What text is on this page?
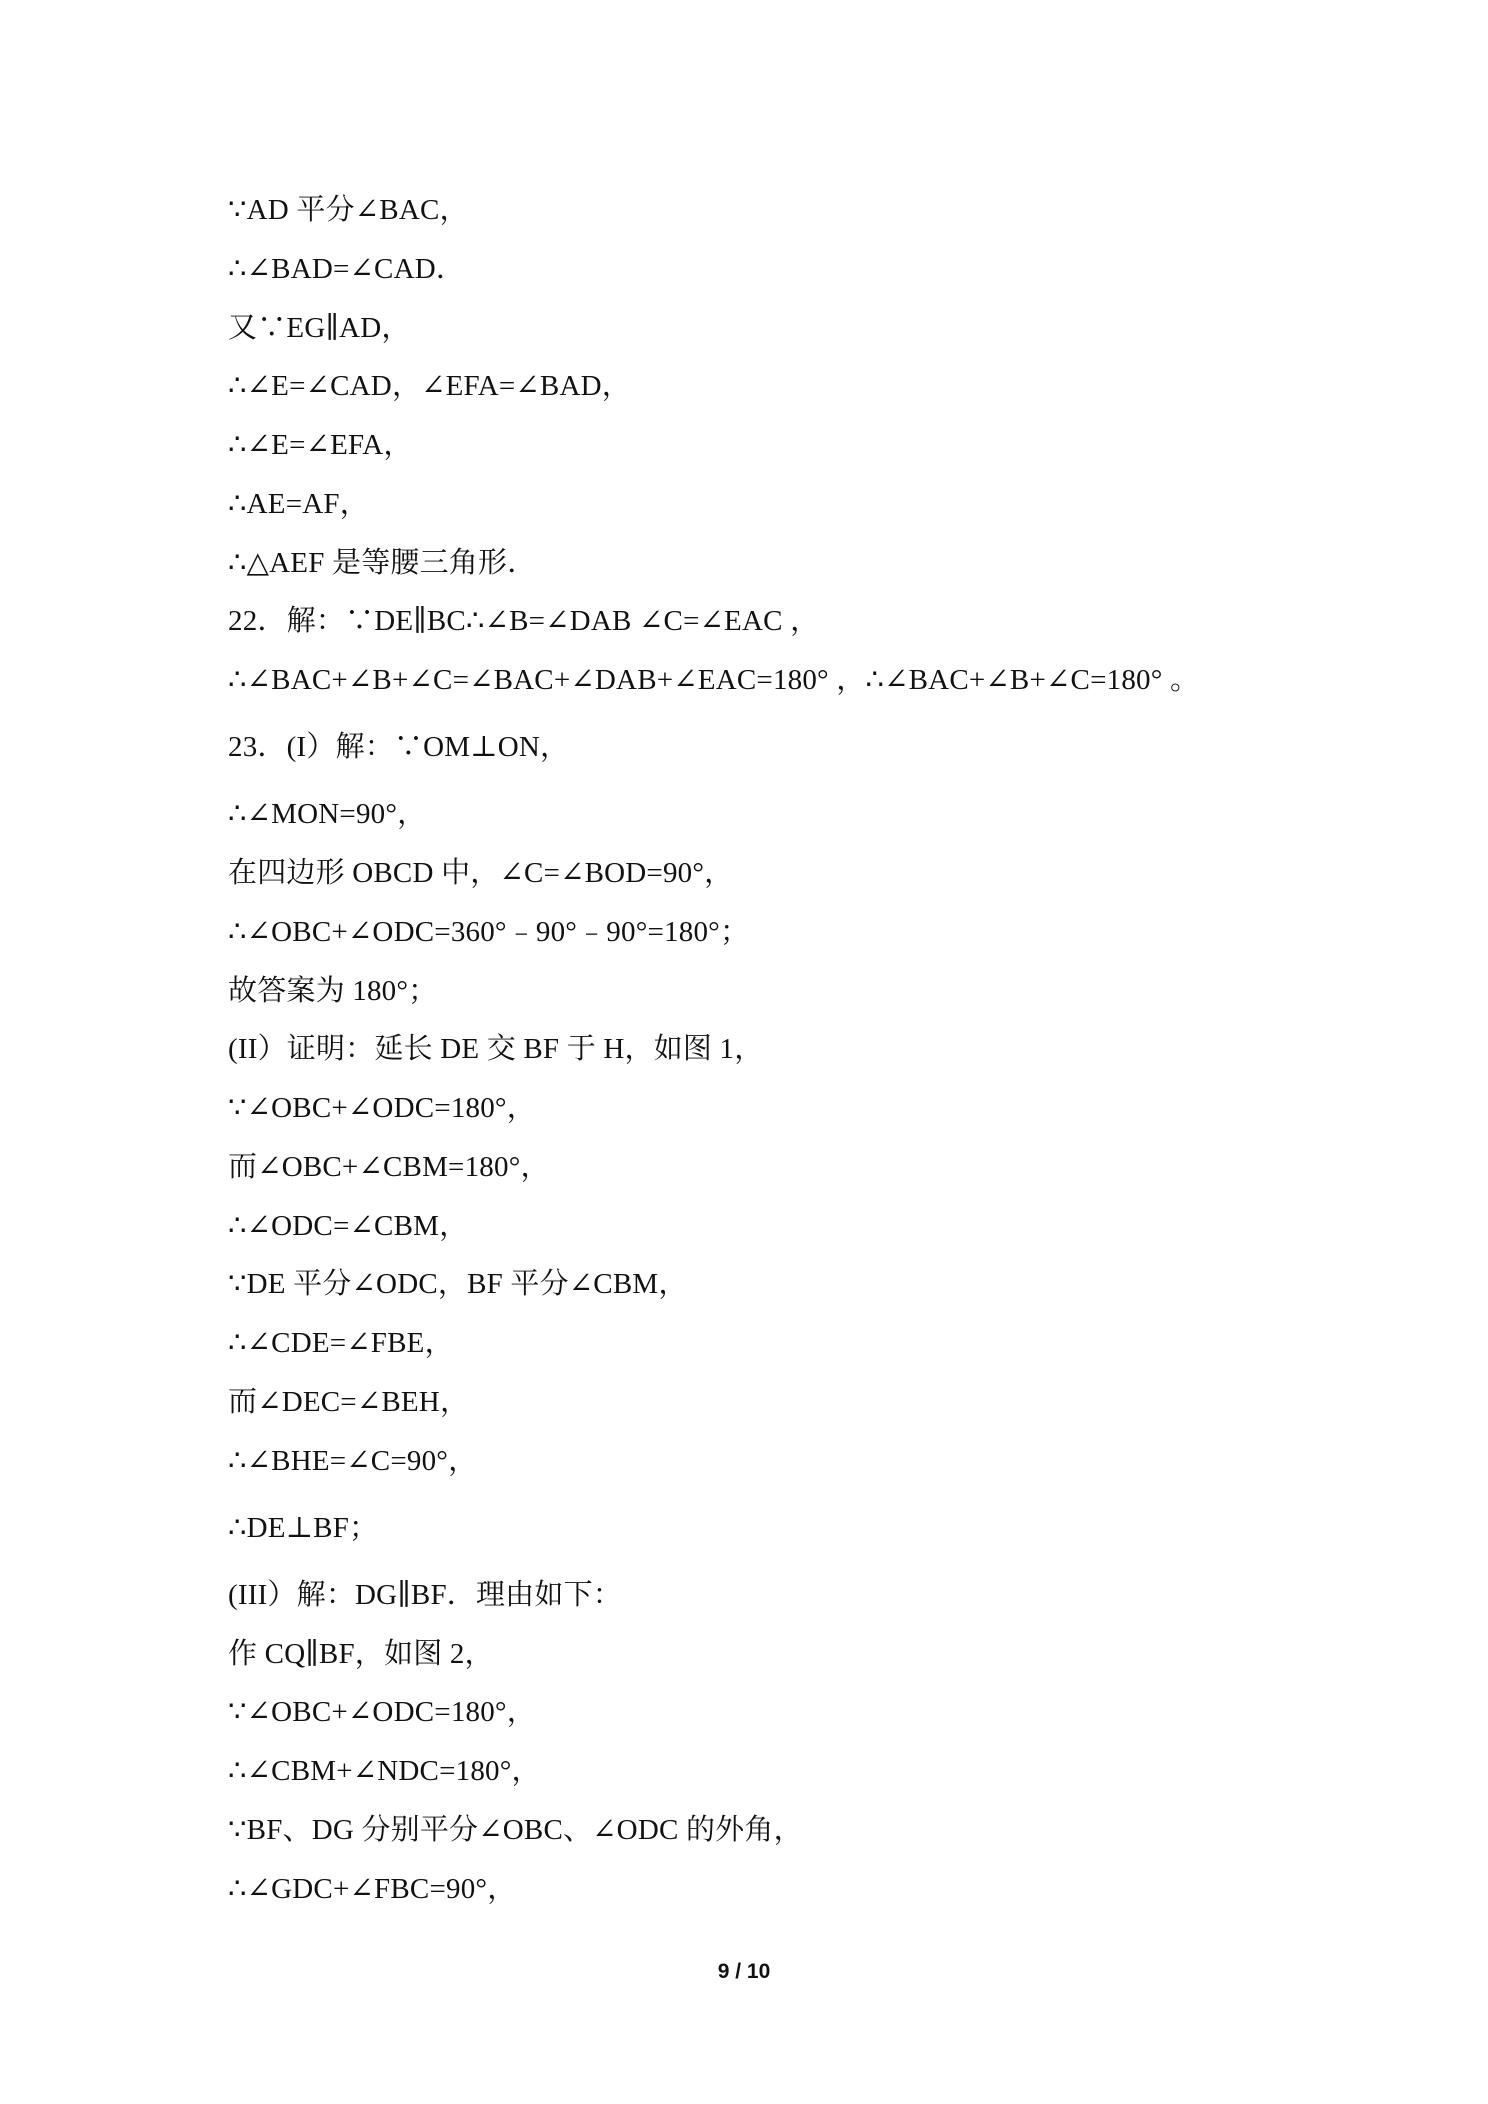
∵AD 平分∠BAC，
∴∠BAD=∠CAD．
又∵EG∥AD，
∴∠E=∠CAD，∠EFA=∠BAD，
∴∠E=∠EFA，
∴AE=AF，
∴△AEF 是等腰三角形．
22．解：∵DE∥BC∴∠B=∠DAB ∠C=∠EAC ，
∴∠BAC+∠B+∠C=∠BAC+∠DAB+∠EAC=180° ，∴∠BAC+∠B+∠C=180° 。
23．(I）解：∵OM⊥ON，
∴∠MON=90°，
在四边形 OBCD 中，∠C=∠BOD=90°，
∴∠OBC+∠ODC=360°﹣90°﹣90°=180°；
故答案为 180°；
(II）证明：延长 DE 交 BF 于 H，如图 1，
∵∠OBC+∠ODC=180°，
而∠OBC+∠CBM=180°，
∴∠ODC=∠CBM，
∵DE 平分∠ODC，BF 平分∠CBM，
∴∠CDE=∠FBE，
而∠DEC=∠BEH，
∴∠BHE=∠C=90°，
∴DE⊥BF；
(III）解：DG∥BF．理由如下：
作 CQ∥BF，如图 2，
∵∠OBC+∠ODC=180°，
∴∠CBM+∠NDC=180°，
∵BF、DG 分别平分∠OBC、∠ODC 的外角，
∴∠GDC+∠FBC=90°，
9 / 10
